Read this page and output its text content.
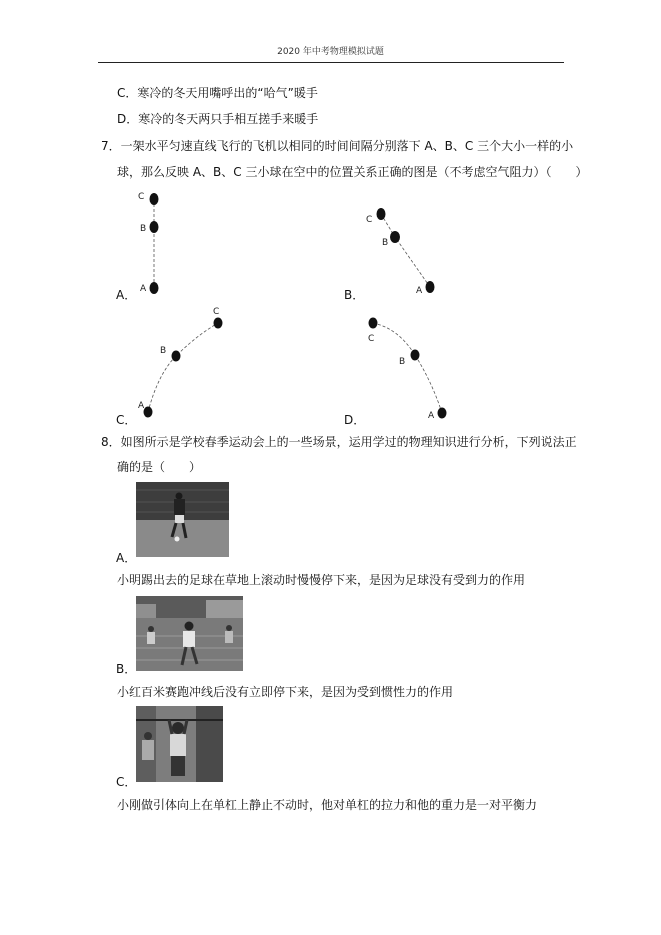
2020 年中考物理模拟试题
C．寒冷的冬天用嘴呼出的“哈气”暖手
D．寒冷的冬天两只手相互搓手来暖手
7．一架水平匀速直线飞行的飞机以相同的时间间隔分别落下 A、B、C 三个大小一样的小
球，那么反映 A、B、C 三小球在空中的位置关系正确的图是（不考虑空气阻力）（　　）
C
B
A
A．
C
B
A
B．
C
B
A
C．
C
B
A
D．
8．如图所示是学校春季运动会上的一些场景，运用学过的物理知识进行分析，下列说法正
确的是（　　）
A．
小明踢出去的足球在草地上滚动时慢慢停下来，是因为足球没有受到力的作用
B．
小红百米赛跑冲线后没有立即停下来，是因为受到惯性力的作用
C．
小刚做引体向上在单杠上静止不动时，他对单杠的拉力和他的重力是一对平衡力
